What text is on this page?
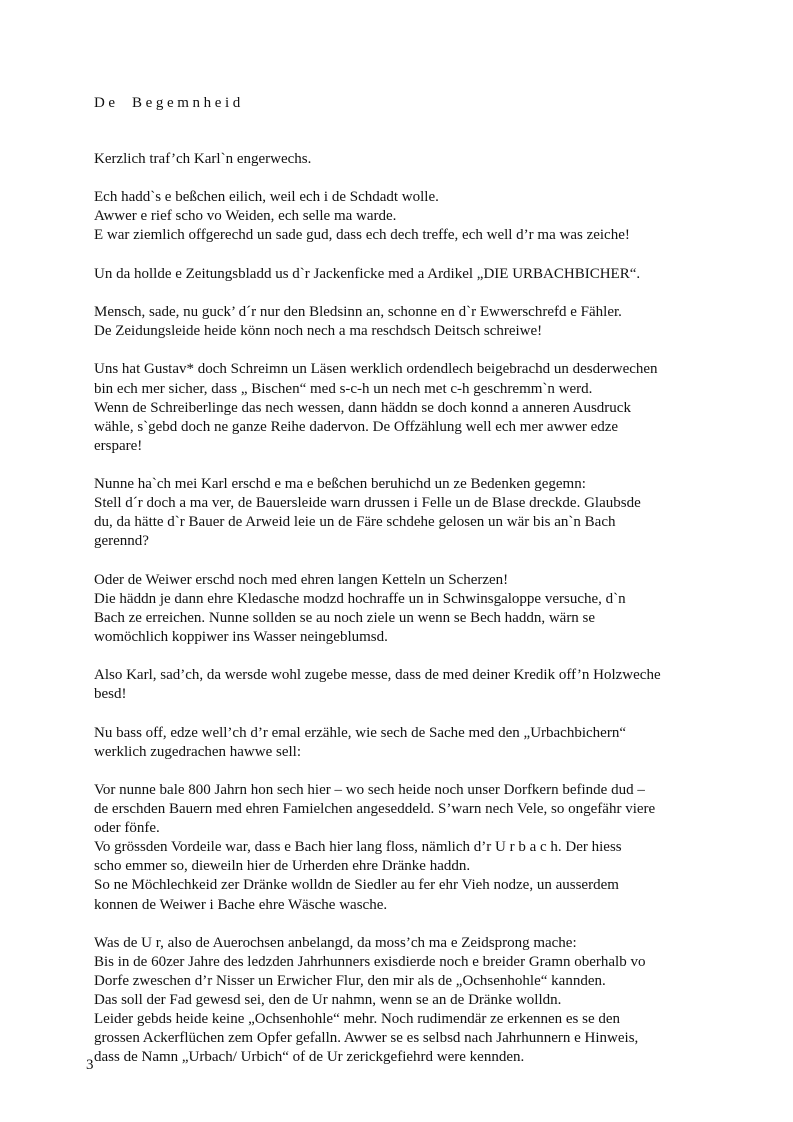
De Begemnheid

Kerzlich traf’ch Karl`n engerwechs.

Ech hadd`s e beßchen eilich, weil ech i de Schdadt wolle.
Awwer e rief scho vo Weiden, ech selle ma warde.
E war ziemlich offgerechd un sade gud, dass ech dech treffe, ech well d’r ma was zeiche!

Un da hollde e Zeitungsbladd us d`r Jackenficke med a Ardikel „DIE URBACHBICHER“.

Mensch, sade, nu guck’ d´r nur den Bledsinn an, schonne en d`r Ewwerschrefd e Fähler.
De Zeidungsleide heide könn noch nech a ma reschdsch Deitsch schreiwe!

Uns hat Gustav* doch Schreimn un Läsen werklich ordendlech beigebrachd un desderwechen
bin ech mer sicher, dass „ Bischen“ med s-c-h un nech met c-h geschremm`n werd.
Wenn de Schreiberlinge das nech wessen, dann häddn se doch konnd a anneren Ausdruck
wähle, s`gebd doch ne ganze Reihe dadervon. De Offzählung well ech mer awwer edze
erspare!

Nunne ha`ch mei Karl erschd e ma e beßchen beruhichd un ze Bedenken gegemn:
Stell d´r doch a ma ver, de Bauersleide warn drussen i Felle un de Blase dreckde. Glaubsde
du, da hätte d`r Bauer de Arweid leie un de Färe schdehe gelosen un wär bis an`n Bach
gerennd?

Oder de Weiwer erschd noch med ehren langen Ketteln un Scherzen!
Die häddn je dann ehre Kledasche modzd hochraffe un in Schwinsgaloppe versuche, d`n
Bach ze erreichen. Nunne sollden se au noch ziele un wenn se Bech haddn, wärn se
womöchlich koppiwer ins Wasser neingeblumsd.

Also Karl, sad’ch, da wersde wohl zugebe messe, dass de med deiner Kredik off’n Holzweche
besd!

Nu bass off, edze well’ch d’r emal erzähle, wie sech de Sache med den „Urbachbichern“
werklich zugedrachen hawwe sell:

Vor nunne bale 800 Jahrn hon sech hier – wo sech heide noch unser Dorfkern befinde dud –
de erschden Bauern med ehren Famielchen angeseddeld. S’warn nech Vele, so ongefähr viere
oder fönfe.
Vo grössden Vordeile war, dass e Bach hier lang floss, nämlich d’r U r b a c h. Der hiess
scho emmer so, dieweiln hier de Urherden ehre Dränke haddn.
So ne Möchlechkeid zer Dränke wolldn de Siedler au fer ehr Vieh nodze, un ausserdem
konnen de Weiwer i Bache ehre Wäsche wasche.

Was de U r, also de Auerochsen anbelangd, da moss’ch ma e Zeidsprong mache:
Bis in de 60zer Jahre des ledzden Jahrhunners exisdierde noch e breider Gramn oberhalb vo
Dorfe zweschen d’r Nisser un Erwicher Flur, den mir als de „Ochsenhohle“ kannden.
Das soll der Fad gewesd sei, den de Ur nahmn, wenn se an de Dränke wolldn.
Leider gebds heide keine „Ochsenhohle“ mehr. Noch rudimendär ze erkennen es se den
grossen Ackerflüchen zem Opfer gefalln. Awwer se es selbsd nach Jahrhunnern e Hinweis,
dass de Namn „Urbach/ Urbich“ of de Ur zerickgefiehrd were kennden.

3
